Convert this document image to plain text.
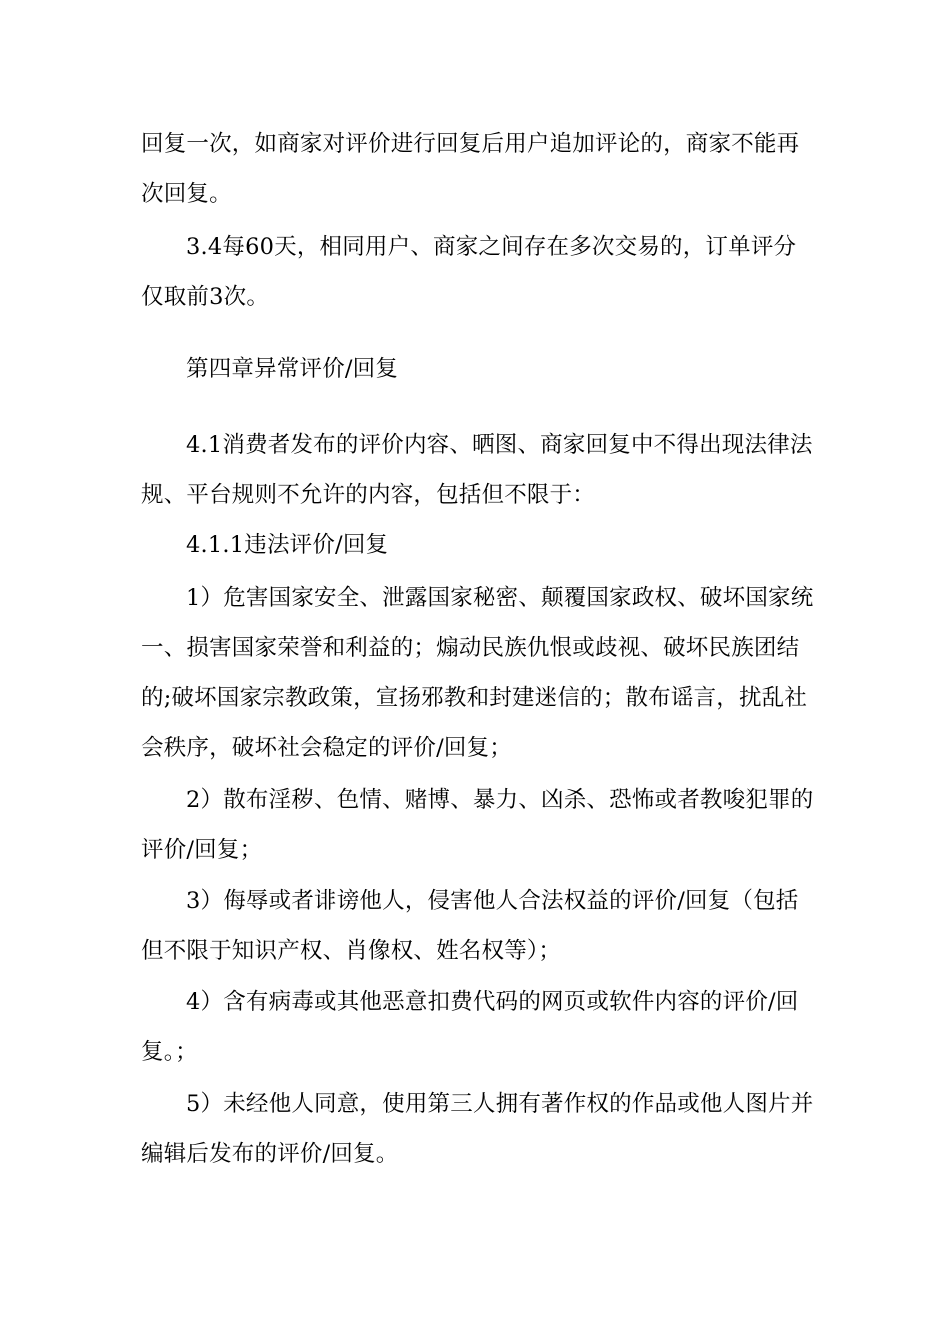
回复一次，如商家对评价进行回复后用户追加评论的，商家不能再
次回复。

3.4每60天，相同用户、商家之间存在多次交易的，订单评分
仅取前3次。

第四章异常评价/回复

4.1消费者发布的评价内容、晒图、商家回复中不得出现法律法
规、平台规则不允许的内容，包括但不限于：

4.1.1违法评价/回复

1）危害国家安全、泄露国家秘密、颠覆国家政权、破坏国家统
一、损害国家荣誉和利益的；煽动民族仇恨或歧视、破坏民族团结
的;破坏国家宗教政策，宣扬邪教和封建迷信的；散布谣言，扰乱社
会秩序，破坏社会稳定的评价/回复；

2）散布淫秽、色情、赌博、暴力、凶杀、恐怖或者教唆犯罪的
评价/回复；

3）侮辱或者诽谤他人，侵害他人合法权益的评价/回复（包括
但不限于知识产权、肖像权、姓名权等）；

4）含有病毒或其他恶意扣费代码的网页或软件内容的评价/回
复。；

5）未经他人同意，使用第三人拥有著作权的作品或他人图片并
编辑后发布的评价/回复。
